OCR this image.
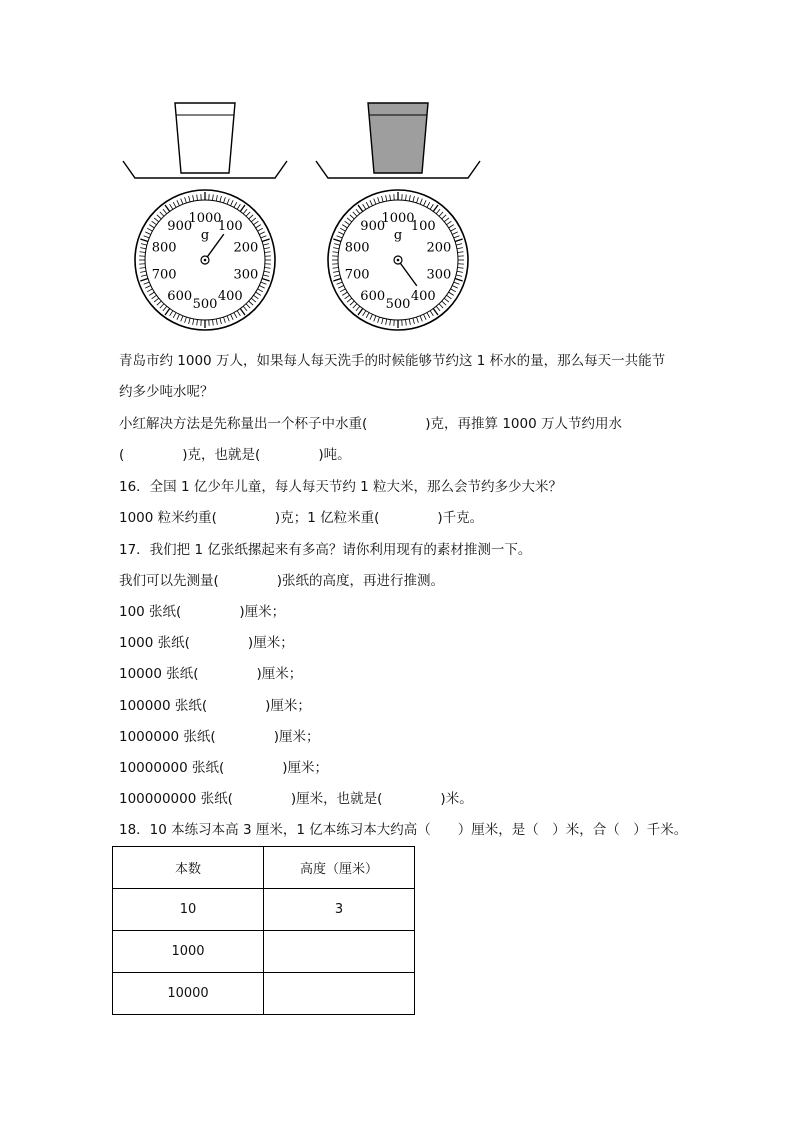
1000
100
200
300
400
500
600
700
800
900
g
1000
100
200
300
400
500
600
700
800
900
g
青岛市约 1000 万人，如果每人每天洗手的时候能够节约这 1 杯水的量，那么每天一共能节
约多少吨水呢？
小红解决方法是先称量出一个杯子中水重(	)克，再推算 1000 万人节约用水
(	)克，也就是(	)吨。
16．全国 1 亿少年儿童，每人每天节约 1 粒大米，那么会节约多少大米？
1000 粒米约重(	)克；1 亿粒米重(	)千克。
17．我们把 1 亿张纸摞起来有多高？请你利用现有的素材推测一下。
我们可以先测量(	)张纸的高度，再进行推测。
100 张纸(	)厘米；
1000 张纸(	)厘米；
10000 张纸(	)厘米；
100000 张纸(	)厘米；
1000000 张纸(	)厘米；
10000000 张纸(	)厘米；
100000000 张纸(	)厘米，也就是(	)米。
18．10 本练习本高 3 厘米，1 亿本练习本大约高（　　）厘米，是（　）米，合（　）千米。
本数	高度（厘米）
10	3
1000	
10000	
